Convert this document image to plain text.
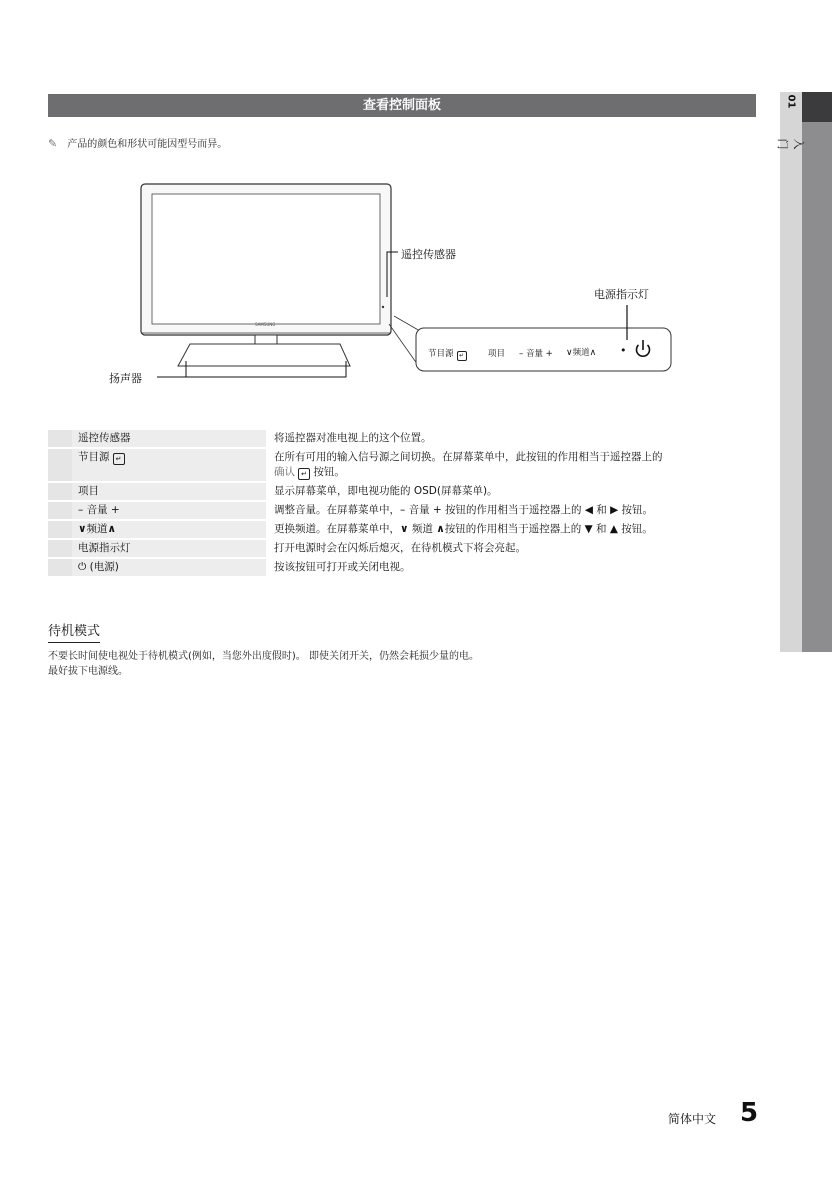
查看控制面板
✎ 产品的颜色和形状可能因型号而异。
遥控传感器
电源指示灯
扬声器
SAMSUNG
节目源 ↵	项目 – 音量 + ∨频道∧ •
	遥控传感器	将遥控器对准电视上的这个位置。
	节目源 ↵	在所有可用的输入信号源之间切换。在屏幕菜单中，此按钮的作用相当于遥控器上的
确认 ↵ 按钮。
	项目	显示屏幕菜单，即电视功能的 OSD(屏幕菜单)。
	– 音量 +	调整音量。在屏幕菜单中，– 音量 + 按钮的作用相当于遥控器上的 ◀ 和 ▶ 按钮。
	∨频道∧	更换频道。在屏幕菜单中，∨ 频道 ∧按钮的作用相当于遥控器上的 ▼ 和 ▲ 按钮。
	电源指示灯	打开电源时会在闪烁后熄灭，在待机模式下将会亮起。
	⏻ (电源)	按该按钮可打开或关闭电视。
待机模式
不要长时间使电视处于待机模式(例如，当您外出度假时)。 即使关闭开关，仍然会耗损少量的电。
最好拔下电源线。
01
入门
简体中文 5
